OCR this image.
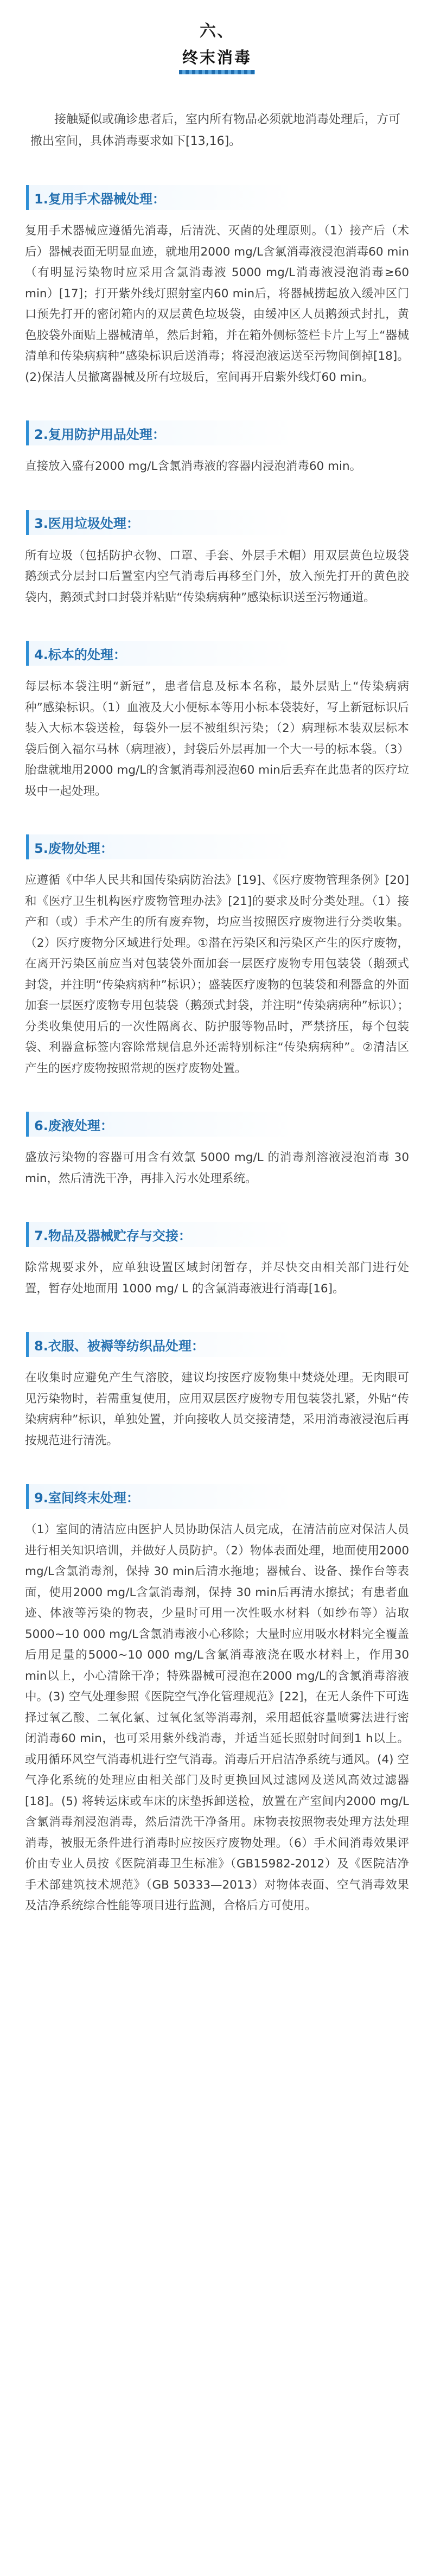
六、
终末消毒

接触疑似或确诊患者后，室内所有物品必须就地消毒处理后，方可撤出室间，具体消毒要求如下[13,16]。

1.复用手术器械处理：

复用手术器械应遵循先消毒，后清洗、灭菌的处理原则。（1）接产后（术后）器械表面无明显血迹，就地用2000 mg/L含氯消毒液浸泡消毒60 min（有明显污染物时应采用含氯消毒液 5000 mg/L消毒液浸泡消毒≥60 min）[17]；打开紫外线灯照射室内60 min后，将器械捞起放入缓冲区门口预先打开的密闭箱内的双层黄色垃圾袋，由缓冲区人员鹅颈式封扎，黄色胶袋外面贴上器械清单，然后封箱，并在箱外侧标签栏卡片上写上“器械清单和传染病病种”感染标识后送消毒；将浸泡液运送至污物间倒掉[18]。(2)保洁人员撤离器械及所有垃圾后，室间再开启紫外线灯60 min。

2.复用防护用品处理：

直接放入盛有2000 mg/L含氯消毒液的容器内浸泡消毒60 min。

3.医用垃圾处理：

所有垃圾（包括防护衣物、口罩、手套、外层手术帽）用双层黄色垃圾袋鹅颈式分层封口后置室内空气消毒后再移至门外，放入预先打开的黄色胶袋内，鹅颈式封口封袋并粘贴“传染病病种”感染标识送至污物通道。

4.标本的处理：

每层标本袋注明“新冠”，患者信息及标本名称，最外层贴上“传染病病种”感染标识。（1）血液及大小便标本等用小标本袋装好，写上新冠标识后装入大标本袋送检，每袋外一层不被组织污染；（2）病理标本装双层标本袋后倒入福尔马林（病理液），封袋后外层再加一个大一号的标本袋。（3）胎盘就地用2000 mg/L的含氯消毒剂浸泡60 min后丢弃在此患者的医疗垃圾中一起处理。

5.废物处理：

应遵循《中华人民共和国传染病防治法》[19]、《医疗废物管理条例》[20]和《医疗卫生机构医疗废物管理办法》[21]的要求及时分类处理。（1）接产和（或）手术产生的所有废弃物，均应当按照医疗废物进行分类收集。（2）医疗废物分区域进行处理。①潜在污染区和污染区产生的医疗废物，在离开污染区前应当对包装袋外面加套一层医疗废物专用包装袋（鹅颈式封袋，并注明“传染病病种”标识）；盛装医疗废物的包装袋和利器盒的外面加套一层医疗废物专用包装袋（鹅颈式封袋，并注明“传染病病种”标识）；分类收集使用后的一次性隔离衣、防护服等物品时，严禁挤压，每个包装袋、利器盒标签内容除常规信息外还需特别标注“传染病病种”。②清洁区产生的医疗废物按照常规的医疗废物处置。

6.废液处理：

盛放污染物的容器可用含有效氯 5000 mg/L 的消毒剂溶液浸泡消毒 30 min，然后清洗干净，再排入污水处理系统。

7.物品及器械贮存与交接：

除常规要求外，应单独设置区域封闭暂存，并尽快交由相关部门进行处置，暂存处地面用 1000 mg/ L 的含氯消毒液进行消毒[16]。

8.衣服、被褥等纺织品处理：

在收集时应避免产生气溶胶，建议均按医疗废物集中焚烧处理。无肉眼可见污染物时，若需重复使用，应用双层医疗废物专用包装袋扎紧，外贴“传染病病种”标识，单独处置，并向接收人员交接清楚，采用消毒液浸泡后再按规范进行清洗。

9.室间终末处理：

（1）室间的清洁应由医护人员协助保洁人员完成，在清洁前应对保洁人员进行相关知识培训，并做好人员防护。（2）物体表面处理，地面使用2000 mg/L含氯消毒剂，保持 30 min后清水拖地；器械台、设备、操作台等表面，使用2000 mg/L含氯消毒剂，保持 30 min后再清水擦拭；有患者血迹、体液等污染的物表，少量时可用一次性吸水材料（如纱布等）沾取5000~10 000 mg/L含氯消毒液小心移除；大量时应用吸水材料完全覆盖后用足量的5000~10 000 mg/L含氯消毒液浇在吸水材料上，作用30 min以上，小心清除干净；特殊器械可浸泡在2000 mg/L的含氯消毒溶液中。(3) 空气处理参照《医院空气净化管理规范》[22]，在无人条件下可选择过氧乙酸、二氧化氯、过氧化氢等消毒剂，采用超低容量喷雾法进行密闭消毒60 min，也可采用紫外线消毒，并适当延长照射时间到1 h以上。或用循环风空气消毒机进行空气消毒。消毒后开启洁净系统与通风。(4) 空气净化系统的处理应由相关部门及时更换回风过滤网及送风高效过滤器[18]。(5) 将转运床或车床的床垫拆卸送检，放置在产室间内2000 mg/L含氯消毒剂浸泡消毒，然后清洗干净备用。床物表按照物表处理方法处理消毒，被服无条件进行消毒时应按医疗废物处理。（6）手术间消毒效果评价由专业人员按《医院消毒卫生标准》（GB15982-2012）及《医院洁净手术部建筑技术规范》（GB 50333—2013）对物体表面、空气消毒效果及洁净系统综合性能等项目进行监测，合格后方可使用。
